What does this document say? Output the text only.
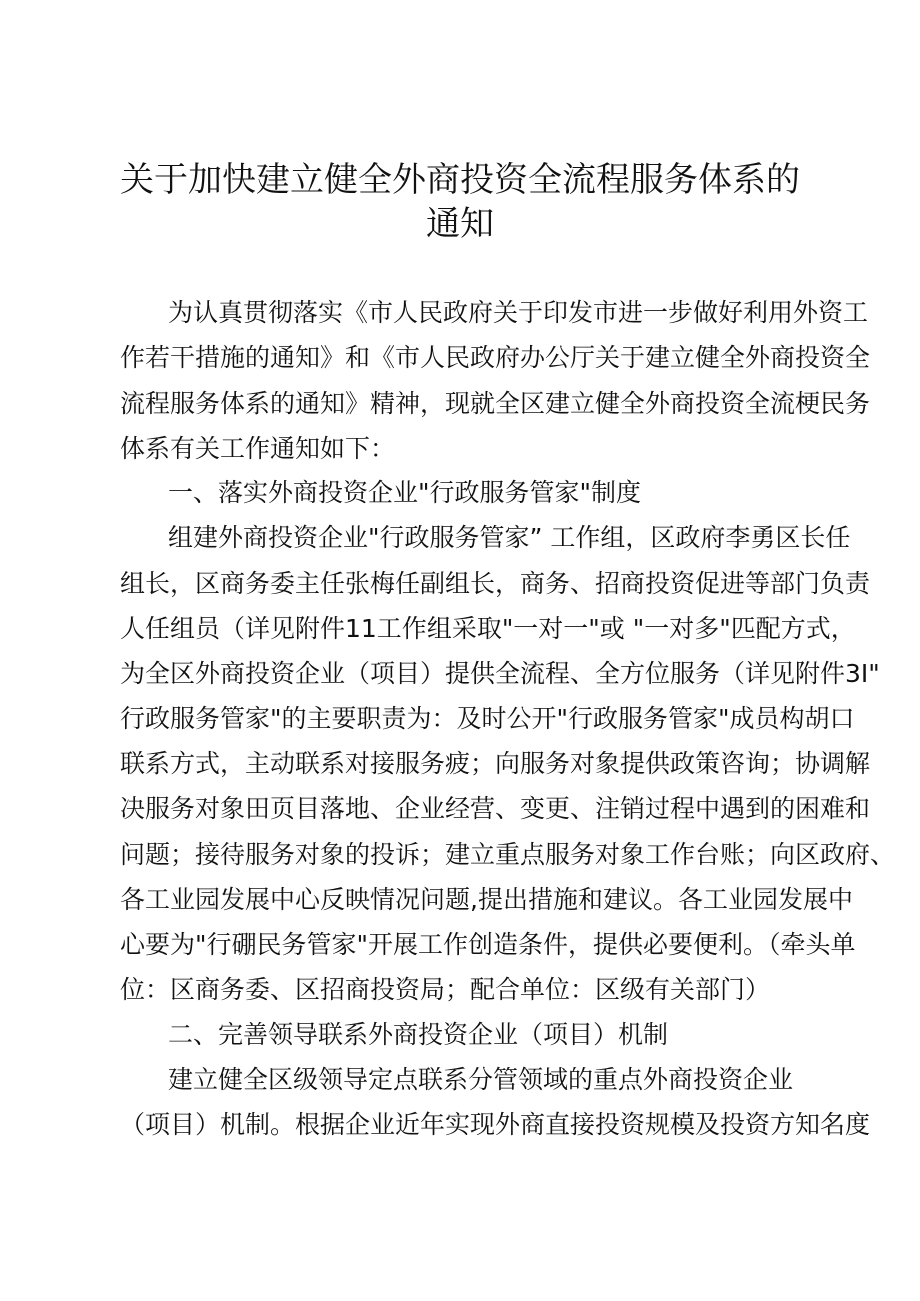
关于加快建立健全外商投资全流程服务体系的
通知

为认真贯彻落实《市人民政府关于印发市进一步做好利用外资工

作若干措施的通知》和《市人民政府办公厅关于建立健全外商投资全

流程服务体系的通知》精神，现就全区建立健全外商投资全流梗民务

体系有关工作通知如下：

一、落实外商投资企业"行政服务管家"制度

组建外商投资企业"行政服务管家” 工作组，区政府李勇区长任

组长，区商务委主任张梅任副组长，商务、招商投资促进等部门负责

人任组员（详见附件11工作组采取"一对一"或 "一对多"匹配方式，

为全区外商投资企业（项目）提供全流程、全方位服务（详见附件3I"

行政服务管家"的主要职责为：及时公开"行政服务管家"成员构胡口

联系方式，主动联系对接服务疲；向服务对象提供政策咨询；协调解

决服务对象田页目落地、企业经营、变更、注销过程中遇到的困难和

问题；接待服务对象的投诉；建立重点服务对象工作台账；向区政府、

各工业园发展中心反映情况问题,提出措施和建议。各工业园发展中

心要为"行硼民务管家"开展工作创造条件，提供必要便利。（牵头单

位：区商务委、区招商投资局；配合单位：区级有关部门）

二、完善领导联系外商投资企业（项目）机制

建立健全区级领导定点联系分管领域的重点外商投资企业

（项目）机制。根据企业近年实现外商直接投资规模及投资方知名度
